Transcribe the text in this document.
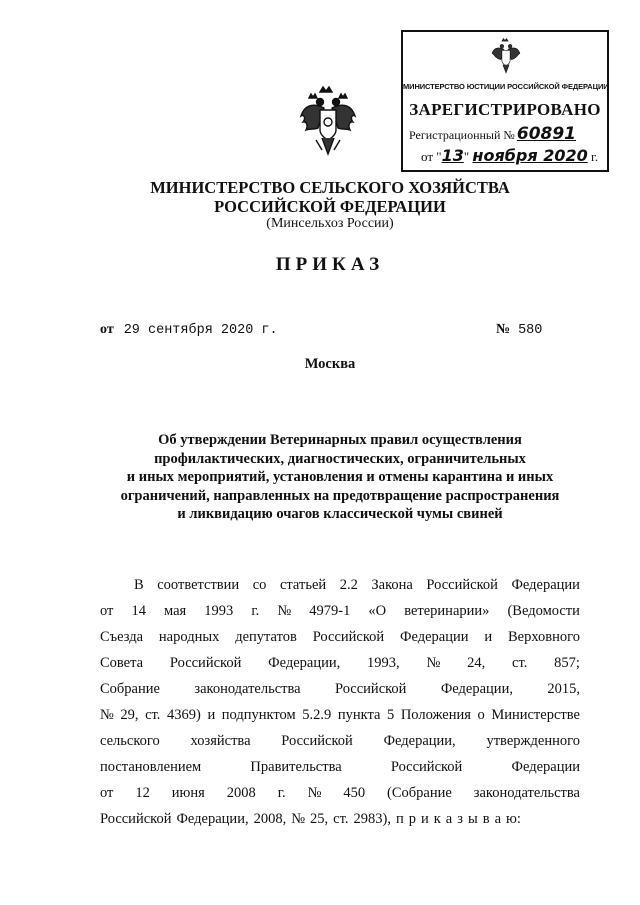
МИНИСТЕРСТВО ЮСТИЦИИ РОССИЙСКОЙ ФЕДЕРАЦИИ
ЗАРЕГИСТРИРОВАНО
Регистрационный № 60891
от "13" ноября 2020 г.
МИНИСТЕРСТВО СЕЛЬСКОГО ХОЗЯЙСТВА
РОССИЙСКОЙ ФЕДЕРАЦИИ
(Минсельхоз России)
ПРИКАЗ
от 29 сентября 2020 г.	№ 580
Москва
Об утверждении Ветеринарных правил осуществления
профилактических, диагностических, ограничительных
и иных мероприятий, установления и отмены карантина и иных
ограничений, направленных на предотвращение распространения
и ликвидацию очагов классической чумы свиней
В соответствии со статьей 2.2 Закона Российской Федерации
от 14 мая 1993 г. № 4979-1 «О ветеринарии» (Ведомости
Съезда народных депутатов Российской Федерации и Верховного
Совета Российской Федерации, 1993, № 24, ст. 857;
Собрание законодательства Российской Федерации, 2015,
№ 29, ст. 4369) и подпунктом 5.2.9 пункта 5 Положения о Министерстве
сельского хозяйства Российской Федерации, утвержденного
постановлением	Правительства	Российской	Федерации
от 12 июня 2008 г. № 450 (Собрание законодательства
Российской Федерации, 2008, № 25, ст. 2983), п р и к а з ы в а ю:
